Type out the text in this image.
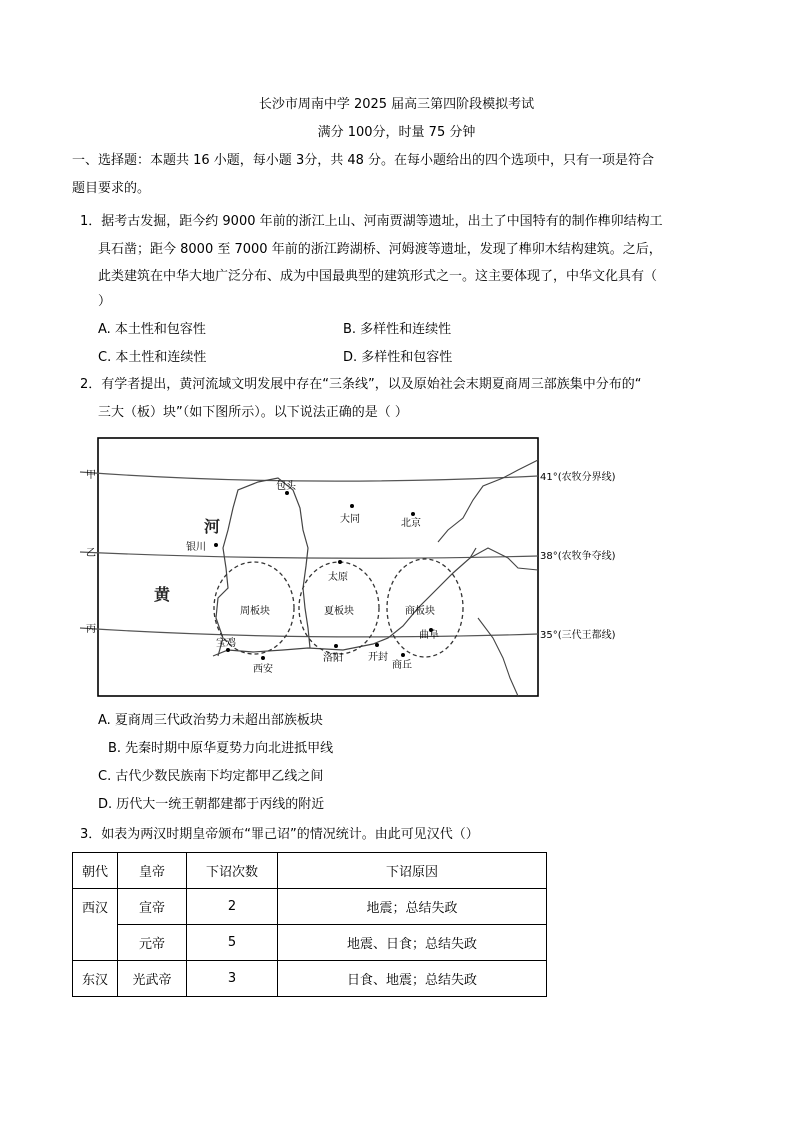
长沙市周南中学 2025 届高三第四阶段模拟考试
满分 100分，时量 75 分钟
一、选择题：本题共 16 小题，每小题 3分，共 48 分。在每小题给出的四个选项中，只有一项是符合
题目要求的。
1．据考古发掘，距今约 9000 年前的浙江上山、河南贾湖等遗址，出土了中国特有的制作榫卯结构工
具石凿；距今 8000 至 7000 年前的浙江跨湖桥、河姆渡等遗址，发现了榫卯木结构建筑。之后，
此类建筑在中华大地广泛分布、成为中国最典型的建筑形式之一。这主要体现了，中华文化具有（
）
A. 本土性和包容性	B. 多样性和连续性
C. 本土性和连续性	D. 多样性和包容性
2．有学者提出，黄河流域文明发展中存在“三条线”，以及原始社会末期夏商周三部族集中分布的“
三大（板）块”（如下图所示）。以下说法正确的是（ ）
甲
乙
丙
41°(农牧分界线)
38°(农牧争夺线)
35°(三代王都线)
河
黄
周板块	夏板块	商板块
包头
大同	北京
银川
太原
曲阜
宝鸡
西安
洛阳	开封
商丘
A. 夏商周三代政治势力未超出部族板块
B. 先秦时期中原华夏势力向北进抵甲线
C. 古代少数民族南下均定都甲乙线之间
D. 历代大一统王朝都建都于丙线的附近
3．如表为两汉时期皇帝颁布“罪己诏”的情况统计。由此可见汉代（）
朝代	皇帝	下诏次数	下诏原因
西汉	宣帝	2	地震；总结失政
	元帝	5	地震、日食；总结失政
东汉	光武帝	3	日食、地震；总结失政
